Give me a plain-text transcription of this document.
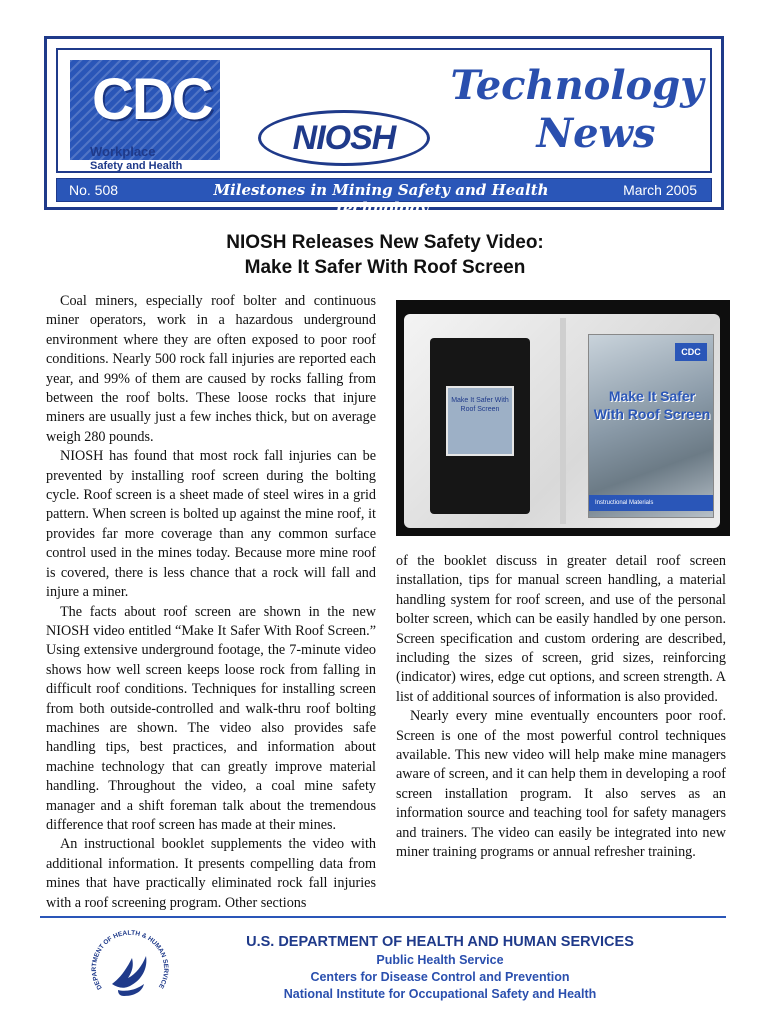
CDC
Workplace
Safety and Health
NIOSH
Technology
News
No. 508	Milestones in Mining Safety and Health Technology
March 2005
NIOSH Releases New Safety Video:
Make It Safer With Roof Screen

Coal miners, especially roof bolter and continuous miner operators, work in a hazardous underground environment where they are often exposed to poor roof conditions. Nearly 500 rock fall injuries are reported each year, and 99% of them are caused by rocks falling from between the roof bolts. These loose rocks that injure miners are usually just a few inches thick, but on average weigh 280 pounds.

NIOSH has found that most rock fall injuries can be prevented by installing roof screen during the bolting cycle. Roof screen is a sheet made of steel wires in a grid pattern. When screen is bolted up against the mine roof, it provides far more coverage than any common surface control used in the mines today. Because more mine roof is covered, there is less chance that a rock will fall and injure a miner.

The facts about roof screen are shown in the new NIOSH video entitled “Make It Safer With Roof Screen.” Using extensive underground footage, the 7-minute video shows how well screen keeps loose rock from falling in difficult roof conditions. Techniques for installing screen from both outside-controlled and walk-thru roof bolting machines are shown. The video also provides safe handling tips, best practices, and information about machine technology that can greatly improve material handling. Throughout the video, a coal mine safety manager and a shift foreman talk about the tremendous difference that roof screen has made at their mines.

An instructional booklet supplements the video with additional information. It presents compelling data from mines that have practically eliminated rock fall injuries with a roof screening program. Other sections

Make It Safer With Roof Screen
CDC
Make It Safer With Roof Screen
Instructional Materials

of the booklet discuss in greater detail roof screen installation, tips for manual screen handling, a material handling system for roof screen, and use of the personal bolter screen, which can be easily handled by one person. Screen specification and custom ordering are described, including the sizes of screen, grid sizes, reinforcing (indicator) wires, edge cut options, and screen strength. A list of additional sources of information is also provided.

Nearly every mine eventually encounters poor roof. Screen is one of the most powerful control techniques available. This new video will help make mine managers aware of screen, and it can help them in developing a roof screen installation program. It also serves as an information source and teaching tool for safety managers and trainers. The video can easily be integrated into new miner training programs or annual refresher training.

DEPARTMENT OF HEALTH & HUMAN SERVICE
U.S. DEPARTMENT OF HEALTH AND HUMAN SERVICES
Public Health Service
Centers for Disease Control and Prevention
National Institute for Occupational Safety and Health
